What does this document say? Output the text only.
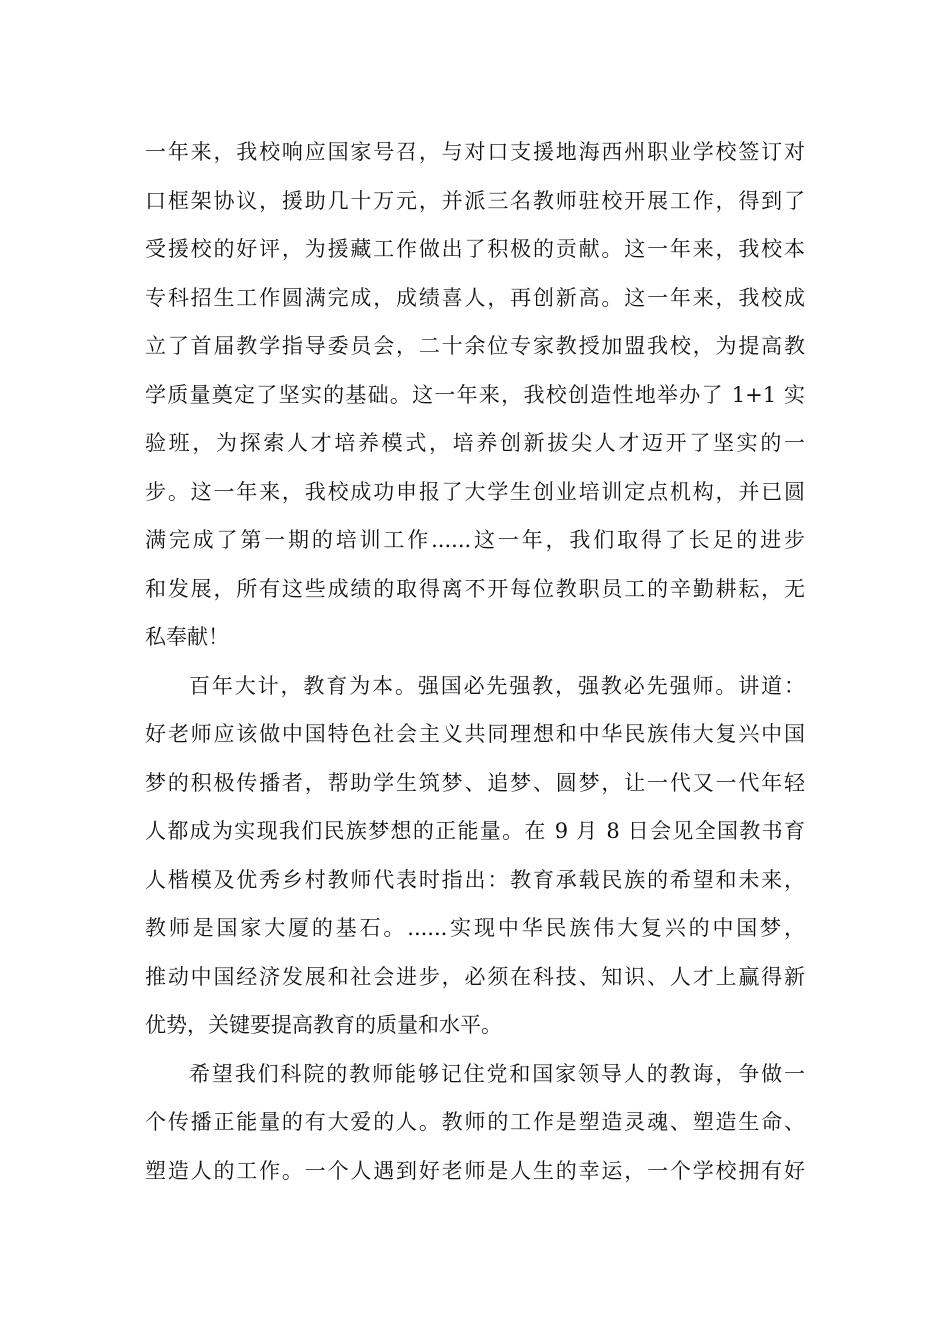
一年来，我校响应国家号召，与对口支援地海西州职业学校签订对
口框架协议，援助几十万元，并派三名教师驻校开展工作，得到了
受援校的好评，为援藏工作做出了积极的贡献。这一年来，我校本
专科招生工作圆满完成，成绩喜人，再创新高。这一年来，我校成
立了首届教学指导委员会，二十余位专家教授加盟我校，为提高教
学质量奠定了坚实的基础。这一年来，我校创造性地举办了 1+1 实
验班，为探索人才培养模式，培养创新拔尖人才迈开了坚实的一
步。这一年来，我校成功申报了大学生创业培训定点机构，并已圆
满完成了第一期的培训工作......这一年，我们取得了长足的进步
和发展，所有这些成绩的取得离不开每位教职员工的辛勤耕耘，无
私奉献！
百年大计，教育为本。强国必先强教，强教必先强师。讲道：
好老师应该做中国特色社会主义共同理想和中华民族伟大复兴中国
梦的积极传播者，帮助学生筑梦、追梦、圆梦，让一代又一代年轻
人都成为实现我们民族梦想的正能量。在 9 月 8 日会见全国教书育
人楷模及优秀乡村教师代表时指出：教育承载民族的希望和未来，
教师是国家大厦的基石。......实现中华民族伟大复兴的中国梦，
推动中国经济发展和社会进步，必须在科技、知识、人才上赢得新
优势，关键要提高教育的质量和水平。
希望我们科院的教师能够记住党和国家领导人的教诲，争做一
个传播正能量的有大爱的人。教师的工作是塑造灵魂、塑造生命、
塑造人的工作。一个人遇到好老师是人生的幸运，一个学校拥有好
